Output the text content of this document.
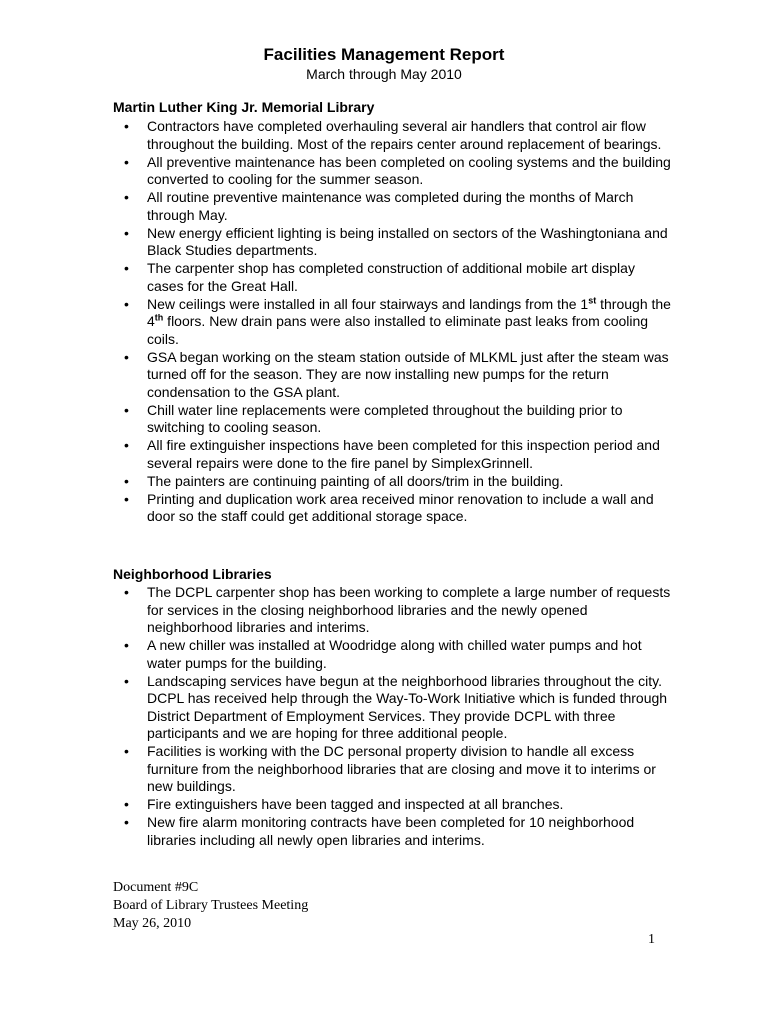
Facilities Management Report
March through May 2010
Martin Luther King Jr. Memorial Library
• Contractors have completed overhauling several air handlers that control air flow throughout the building. Most of the repairs center around replacement of bearings.
• All preventive maintenance has been completed on cooling systems and the building converted to cooling for the summer season.
• All routine preventive maintenance was completed during the months of March through May.
• New energy efficient lighting is being installed on sectors of the Washingtoniana and Black Studies departments.
• The carpenter shop has completed construction of additional mobile art display cases for the Great Hall.
• New ceilings were installed in all four stairways and landings from the 1st through the 4th floors. New drain pans were also installed to eliminate past leaks from cooling coils.
• GSA began working on the steam station outside of MLKML just after the steam was turned off for the season. They are now installing new pumps for the return condensation to the GSA plant.
• Chill water line replacements were completed throughout the building prior to switching to cooling season.
• All fire extinguisher inspections have been completed for this inspection period and several repairs were done to the fire panel by SimplexGrinnell.
• The painters are continuing painting of all doors/trim in the building.
• Printing and duplication work area received minor renovation to include a wall and door so the staff could get additional storage space.
Neighborhood Libraries
• The DCPL carpenter shop has been working to complete a large number of requests for services in the closing neighborhood libraries and the newly opened neighborhood libraries and interims.
• A new chiller was installed at Woodridge along with chilled water pumps and hot water pumps for the building.
• Landscaping services have begun at the neighborhood libraries throughout the city. DCPL has received help through the Way-To-Work Initiative which is funded through District Department of Employment Services. They provide DCPL with three participants and we are hoping for three additional people.
• Facilities is working with the DC personal property division to handle all excess furniture from the neighborhood libraries that are closing and move it to interims or new buildings.
• Fire extinguishers have been tagged and inspected at all branches.
• New fire alarm monitoring contracts have been completed for 10 neighborhood libraries including all newly open libraries and interims.
Document #9C
Board of Library Trustees Meeting
May 26, 2010
1
